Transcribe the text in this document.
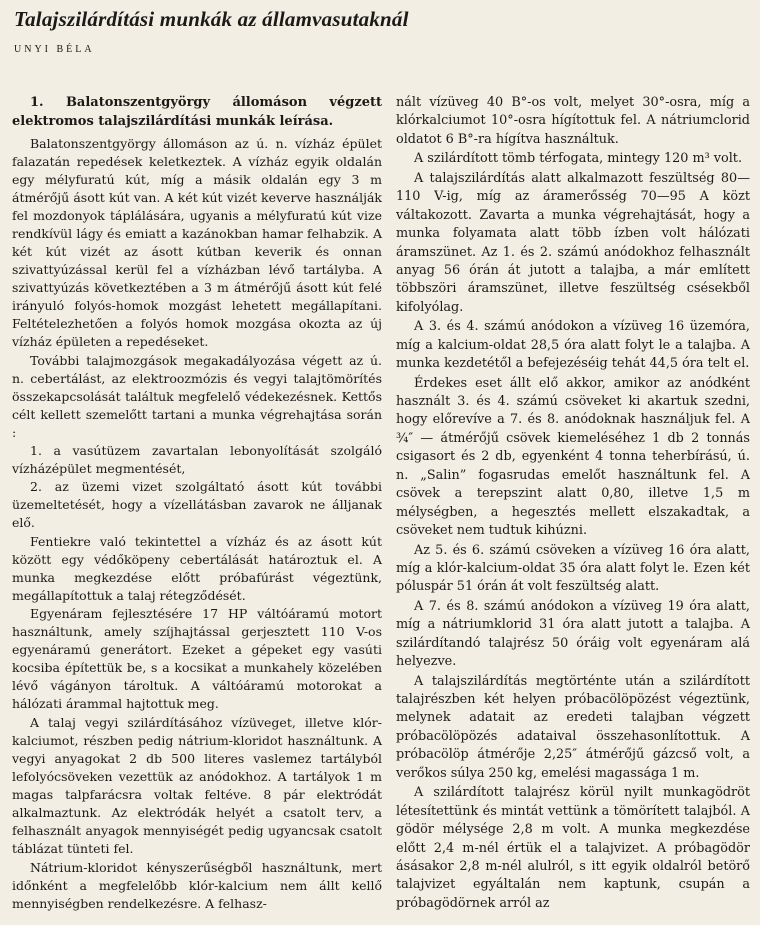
Talajszilárdítási munkák az államvasutaknál
UNYI BÉLA
1. Balatonszentgyörgy állomáson végzett elektromos talajszilárdítási munkák leírása.

Balatonszentgyörgy állomáson az ú. n. vízház épület falazatán repedések keletkeztek. A vízház egyik oldalán egy mélyfuratú kút, míg a másik oldalán egy 3 m átmérőjű ásott kút van. A két kút vizét keverve használják fel mozdonyok táplálására, ugyanis a mélyfuratú kút vize rendkívül lágy és emiatt a kazánokban hamar felhabzik. A két kút vizét az ásott kútban keverik és onnan szivattyúzással kerül fel a vízházban lévő tartályba. A szivattyúzás következtében a 3 m átmérőjű ásott kút felé irányuló folyós-homok mozgást lehetett megállapítani. Feltételezhetően a folyós homok mozgása okozta az új vízház épületen a repedéseket.

További talajmozgások megakadályozása végett az ú. n. cebertálást, az elektroozmózis és vegyi talajtömörítés összekapcsolását találtuk megfelelő védekezésnek. Kettős célt kellett szemelőtt tartani a munka végrehajtása során :

1. a vasútüzem zavartalan lebonyolítását szolgáló vízházépület megmentését,

2. az üzemi vizet szolgáltató ásott kút további üzemeltetését, hogy a vízellátásban zavarok ne álljanak elő.

Fentiekre való tekintettel a vízház és az ásott kút között egy védőköpeny cebertálását határoztuk el. A munka megkezdése előtt próbafúrást végeztünk, megállapítottuk a talaj rétegződését.

Egyenáram fejlesztésére 17 HP váltóáramú motort használtunk, amely szíjhajtással gerjesztett 110 V-os egyenáramú generátort. Ezeket a gépeket egy vasúti kocsiba építettük be, s a kocsikat a munkahely közelében lévő vágányon tároltuk. A váltóáramú motorokat a hálózati árammal hajtottuk meg.

A talaj vegyi szilárdításához vízüveget, illetve klór-kalciumot, részben pedig nátrium-kloridot használtunk. A vegyi anyagokat 2 db 500 literes vaslemez tartályból lefolyócsöveken vezettük az anódokhoz. A tartályok 1 m magas talpfarácsra voltak feltéve. 8 pár elektródát alkalmaztunk. Az elektródák helyét a csatolt terv, a felhasznált anyagok mennyiségét pedig ugyancsak csatolt táblázat tünteti fel.

Nátrium-kloridot kényszerűségből használtunk, mert időnként a megfelelőbb klór-kalcium nem állt kellő mennyiségben rendelkezésre. A felhasz-

nált vízüveg 40 B°-os volt, melyet 30°-osra, míg a klórkalciumot 10°-osra hígítottuk fel. A nátriumclorid oldatot 6 B°-ra hígítva használtuk.

A szilárdított tömb térfogata, mintegy 120 m³ volt.

A talajszilárdítás alatt alkalmazott feszültség 80—110 V-ig, míg az áramerősség 70—95 A közt váltakozott. Zavarta a munka végrehajtását, hogy a munka folyamata alatt több ízben volt hálózati áramszünet. Az 1. és 2. számú anódokhoz felhasznált anyag 56 órán át jutott a talajba, a már említett többszöri áramszünet, illetve feszültség csésekből kifolyólag.

A 3. és 4. számú anódokon a vízüveg 16 üzemóra, míg a kalcium-oldat 28,5 óra alatt folyt le a talajba. A munka kezdetétől a befejezéséig tehát 44,5 óra telt el.

Érdekes eset állt elő akkor, amikor az anódként használt 3. és 4. számú csöveket ki akartuk szedni, hogy előrevíve a 7. és 8. anódoknak használjuk fel. A ¾″ — átmérőjű csövek kiemeléséhez 1 db 2 tonnás csigasort és 2 db, egyenként 4 tonna teherbírású, ú. n. „Salin” fogasrudas emelőt használtunk fel. A csövek a terepszint alatt 0,80, illetve 1,5 m mélységben, a hegesztés mellett elszakadtak, a csöveket nem tudtuk kihúzni.

Az 5. és 6. számú csöveken a vízüveg 16 óra alatt, míg a klór-kalcium-oldat 35 óra alatt folyt le. Ezen két póluspár 51 órán át volt feszültség alatt.

A 7. és 8. számú anódokon a vízüveg 19 óra alatt, míg a nátriumklorid 31 óra alatt jutott a talajba. A szilárdítandó talajrész 50 óráig volt egyenáram alá helyezve.

A talajszilárdítás megtörténte után a szilárdított talajrészben két helyen próbacölöpözést végeztünk, melynek adatait az eredeti talajban végzett próbacölöpözés adataival összehasonlítottuk. A próbacölöp átmérője 2,25″ átmérőjű gázcső volt, a verőkos súlya 250 kg, emelési magassága 1 m.

A szilárdított talajrész körül nyilt munkagödröt létesítettünk és mintát vettünk a tömörített talajból. A gödör mélysége 2,8 m volt. A munka megkezdése előtt 2,4 m-nél értük el a talajvizet. A próbagödör ásásakor 2,8 m-nél alulról, s itt egyik oldalról betörő talajvizet egyáltalán nem kaptunk, csupán a próbagödörnek arról az
